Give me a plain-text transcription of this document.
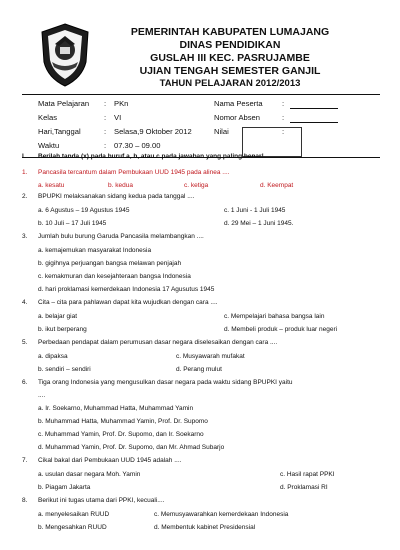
PEMERINTAH KABUPATEN LUMAJANG
DINAS PENDIDIKAN
GUSLAH III KEC. PASRUJAMBE
UJIAN TENGAH SEMESTER GANJIL
TAHUN PELAJARAN 2012/2013
Mata Pelajaran : PKn	Nama Peserta	:
Kelas	: VI	Nomor Absen	:
Hari,Tanggal	: Selasa,9 Oktober 2012	Nilai	:
Waktu	: 07.30 – 09.00
I. Berilah tanda (x) pada huruf a, b, atau c pada jawaban yang paling benar!
1. Pancasila tercantum dalam Pembukaan UUD 1945 pada alinea ....
a. kesatu	b. kedua	c. ketiga	d. Keempat
2. BPUPKI melaksanakan sidang kedua pada tanggal ....
a. 6 Agustus – 19 Agustus 1945	c. 1 Juni - 1 Juli 1945
b. 10 Juli – 17 Juli 1945	d. 29 Mei – 1 Juni 1945.
3. Jumlah bulu burung Garuda Pancasila melambangkan ....
a. kemajemukan masyarakat Indonesia
b. gigihnya perjuangan bangsa melawan penjajah
c. kemakmuran dan kesejahteraan bangsa Indonesia
d. hari proklamasi kemerdekaan Indonesia 17 Agusutus 1945
4. Cita – cita para pahlawan dapat kita wujudkan dengan cara ....
a. belajar giat	c. Mempelajari bahasa bangsa lain
b. ikut berperang	d. Membeli produk – produk luar negeri
5. Perbedaan pendapat dalam perumusan dasar negara diselesaikan dengan cara ....
a. dipaksa	c. Musyawarah mufakat
b. sendiri – sendiri	d. Perang mulut
6. Tiga orang Indonesia yang mengusulkan dasar negara pada waktu sidang BPUPKI yaitu
....
a. Ir. Soekarno, Muhammad Hatta, Muhammad Yamin
b. Muhammad Hatta, Muhammad Yamin, Prof. Dr. Supomo
c. Muhammad Yamin, Prof. Dr. Supomo, dan Ir. Soekarno
d. Muhammad Yamin, Prof. Dr. Supomo, dan Mr. Ahmad Subarjo
7. Cikal bakal dari Pembukaan UUD 1945 adalah ....
a. usulan dasar negara Moh. Yamin	c. Hasil rapat PPKI
b. Piagam Jakarta	d. Proklamasi RI
8. Berikut ini tugas utama dari PPKI, kecuali....
a. menyelesaikan RUUD	c. Memusyawarahkan kemerdekaan Indonesia
b. Mengesahkan RUUD	d. Membentuk kabinet Presidensial
